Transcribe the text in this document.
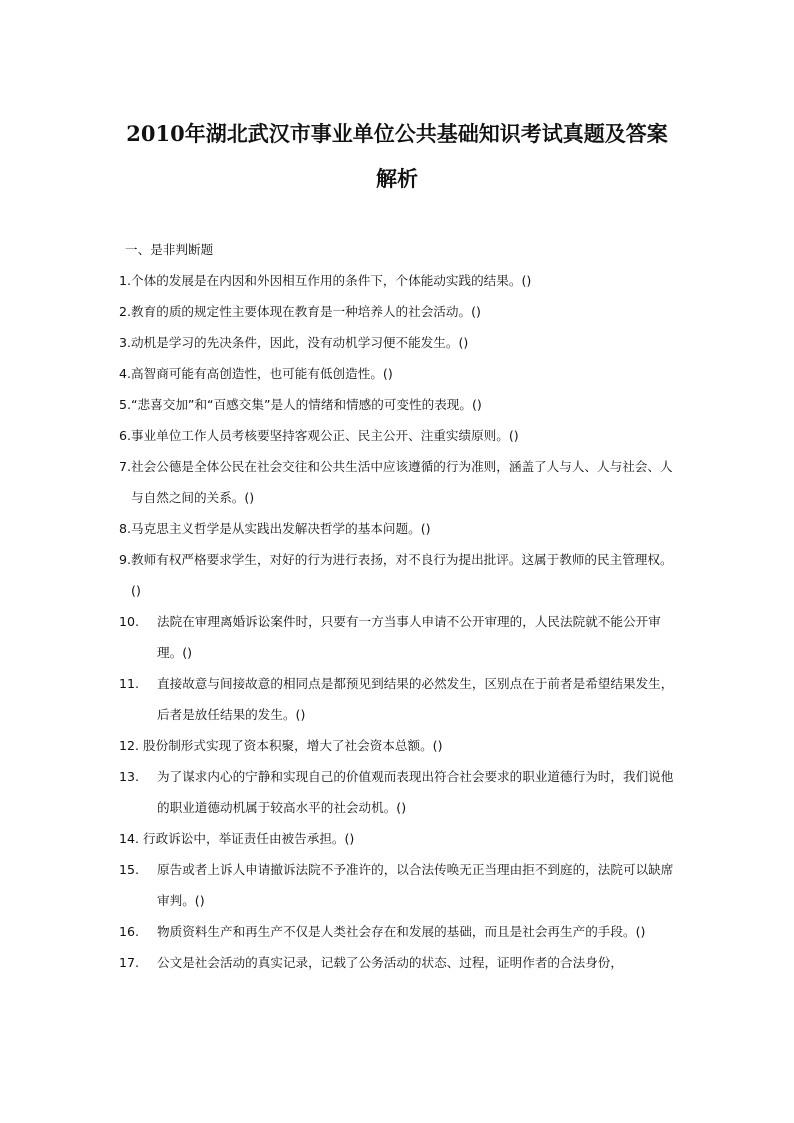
2010年湖北武汉市事业单位公共基础知识考试真题及答案
解析
一、是非判断题
1. 个体的发展是在内因和外因相互作用的条件下，个体能动实践的结果。()
2. 教育的质的规定性主要体现在教育是一种培养人的社会活动。()
3. 动机是学习的先决条件，因此，没有动机学习便不能发生。()
4. 高智商可能有高创造性，也可能有低创造性。()
5. “悲喜交加”和“百感交集”是人的情绪和情感的可变性的表现。()
6. 事业单位工作人员考核要坚持客观公正、民主公开、注重实绩原则。()
7. 社会公德是全体公民在社会交往和公共生活中应该遵循的行为准则，涵盖了人与人、人与社会、人与自然之间的关系。()
8. 马克思主义哲学是从实践出发解决哲学的基本问题。()
9. 教师有权严格要求学生，对好的行为进行表扬，对不良行为提出批评。这属于教师的民主管理权。()
10.	法院在审理离婚诉讼案件时，只要有一方当事人申请不公开审理的，人民法院就不能公开审理。()
11.	直接故意与间接故意的相同点是都预见到结果的必然发生，区别点在于前者是希望结果发生，后者是放任结果的发生。()
12. 股份制形式实现了资本积聚，增大了社会资本总额。()
13.	为了谋求内心的宁静和实现自己的价值观而表现出符合社会要求的职业道德行为时，我们说他的职业道德动机属于较高水平的社会动机。()
14. 行政诉讼中，举证责任由被告承担。()
15.	原告或者上诉人申请撤诉法院不予准许的，以合法传唤无正当理由拒不到庭的，法院可以缺席审判。()
16.	物质资料生产和再生产不仅是人类社会存在和发展的基础，而且是社会再生产的手段。()
17.	公文是社会活动的真实记录，记载了公务活动的状态、过程，证明作者的合法身份，
